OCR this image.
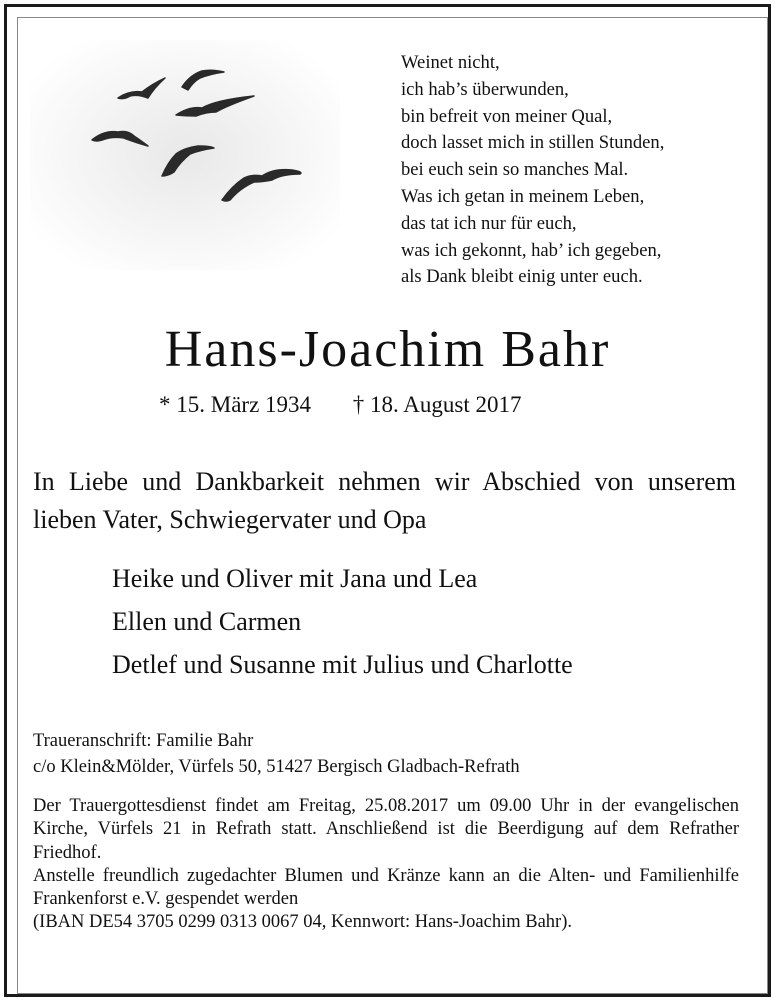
Weinet nicht,
ich hab’s überwunden,
bin befreit von meiner Qual,
doch lasset mich in stillen Stunden,
bei euch sein so manches Mal.
Was ich getan in meinem Leben,
das tat ich nur für euch,
was ich gekonnt, hab’ ich gegeben,
als Dank bleibt einig unter euch.
Hans-Joachim Bahr
* 15. März 1934 † 18. August 2017
In Liebe und Dankbarkeit nehmen wir Abschied von unserem lieben Vater, Schwiegervater und Opa
Heike und Oliver mit Jana und Lea
Ellen und Carmen
Detlef und Susanne mit Julius und Charlotte
Traueranschrift: Familie Bahr
c/o Klein&Mölder, Vürfels 50, 51427 Bergisch Gladbach-Refrath

Der Trauergottesdienst findet am Freitag, 25.08.2017 um 09.00 Uhr in der evangelischen Kirche, Vürfels 21 in Refrath statt. Anschließend ist die Beerdigung auf dem Refrather Friedhof.

Anstelle freundlich zugedachter Blumen und Kränze kann an die Alten- und Familienhilfe Frankenforst e.V. gespendet werden

(IBAN DE54 3705 0299 0313 0067 04, Kennwort: Hans-Joachim Bahr).
